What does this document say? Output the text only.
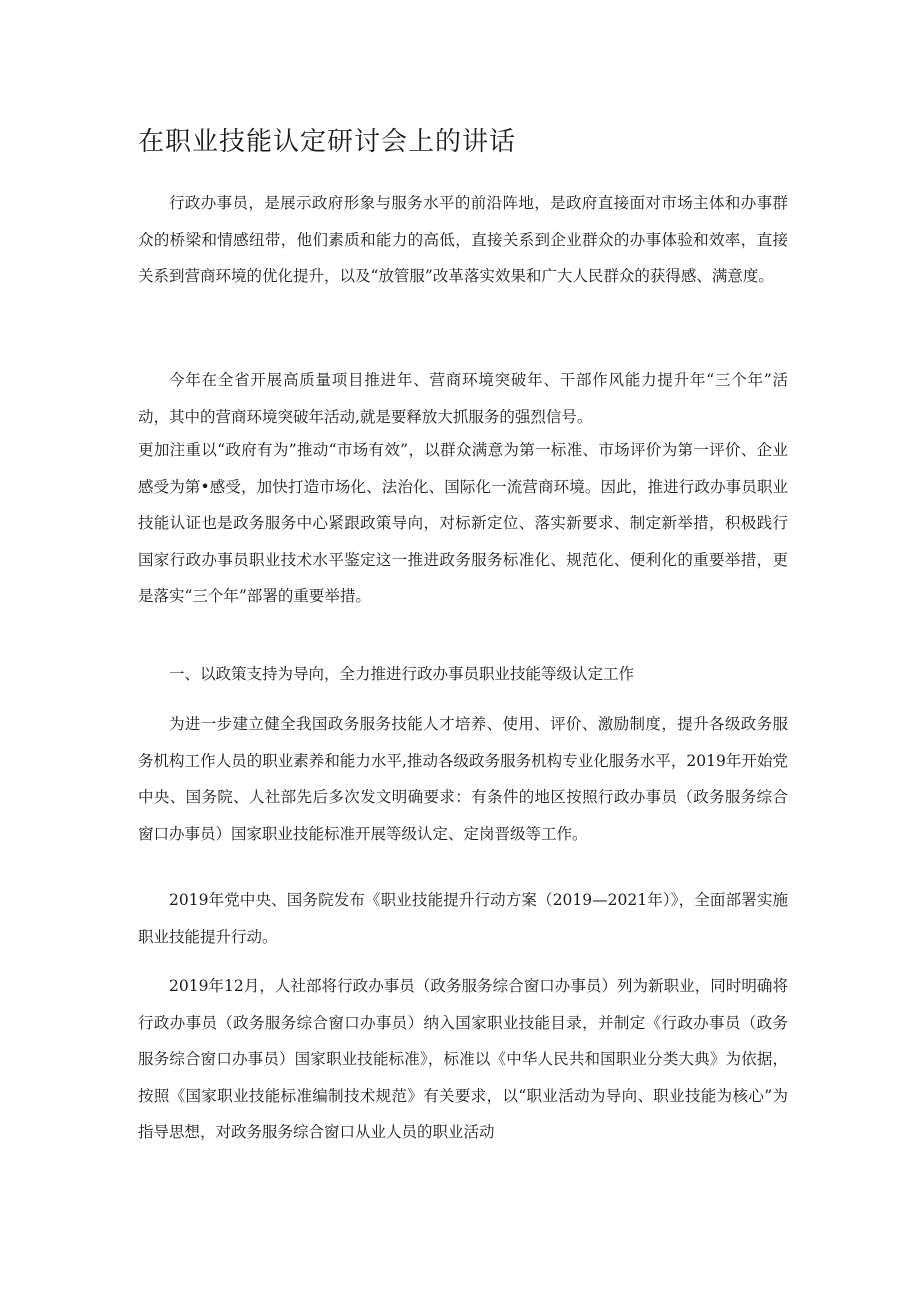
在职业技能认定研讨会上的讲话
行政办事员，是展示政府形象与服务水平的前沿阵地，是政府直接面对市场主体和办事群众的桥梁和情感纽带，他们素质和能力的高低，直接关系到企业群众的办事体验和效率，直接关系到营商环境的优化提升，以及“放管服”改革落实效果和广大人民群众的获得感、满意度。
今年在全省开展高质量项目推进年、营商环境突破年、干部作风能力提升年“三个年”活动，其中的营商环境突破年活动,就是要释放大抓服务的强烈信号。
更加注重以“政府有为”推动“市场有效”，以群众满意为第一标准、市场评价为第一评价、企业感受为第•感受，加快打造市场化、法治化、国际化一流营商环境。因此，推进行政办事员职业技能认证也是政务服务中心紧跟政策导向，对标新定位、落实新要求、制定新举措，积极践行国家行政办事员职业技术水平鉴定这一推进政务服务标准化、规范化、便利化的重要举措，更是落实“三个年”部署的重要举措。
一、以政策支持为导向，全力推进行政办事员职业技能等级认定工作
为进一步建立健全我国政务服务技能人才培养、使用、评价、激励制度，提升各级政务服务机构工作人员的职业素养和能力水平,推动各级政务服务机构专业化服务水平，2019年开始党中央、国务院、人社部先后多次发文明确要求：有条件的地区按照行政办事员（政务服务综合窗口办事员）国家职业技能标准开展等级认定、定岗晋级等工作。
2019年党中央、国务院发布《职业技能提升行动方案（2019—2021年）》，全面部署实施职业技能提升行动。
2019年12月，人社部将行政办事员（政务服务综合窗口办事员）列为新职业，同时明确将行政办事员（政务服务综合窗口办事员）纳入国家职业技能目录，并制定《行政办事员（政务服务综合窗口办事员）国家职业技能标准》，标准以《中华人民共和国职业分类大典》为依据，按照《国家职业技能标准编制技术规范》有关要求，以“职业活动为导向、职业技能为核心”为指导思想，对政务服务综合窗口从业人员的职业活动
